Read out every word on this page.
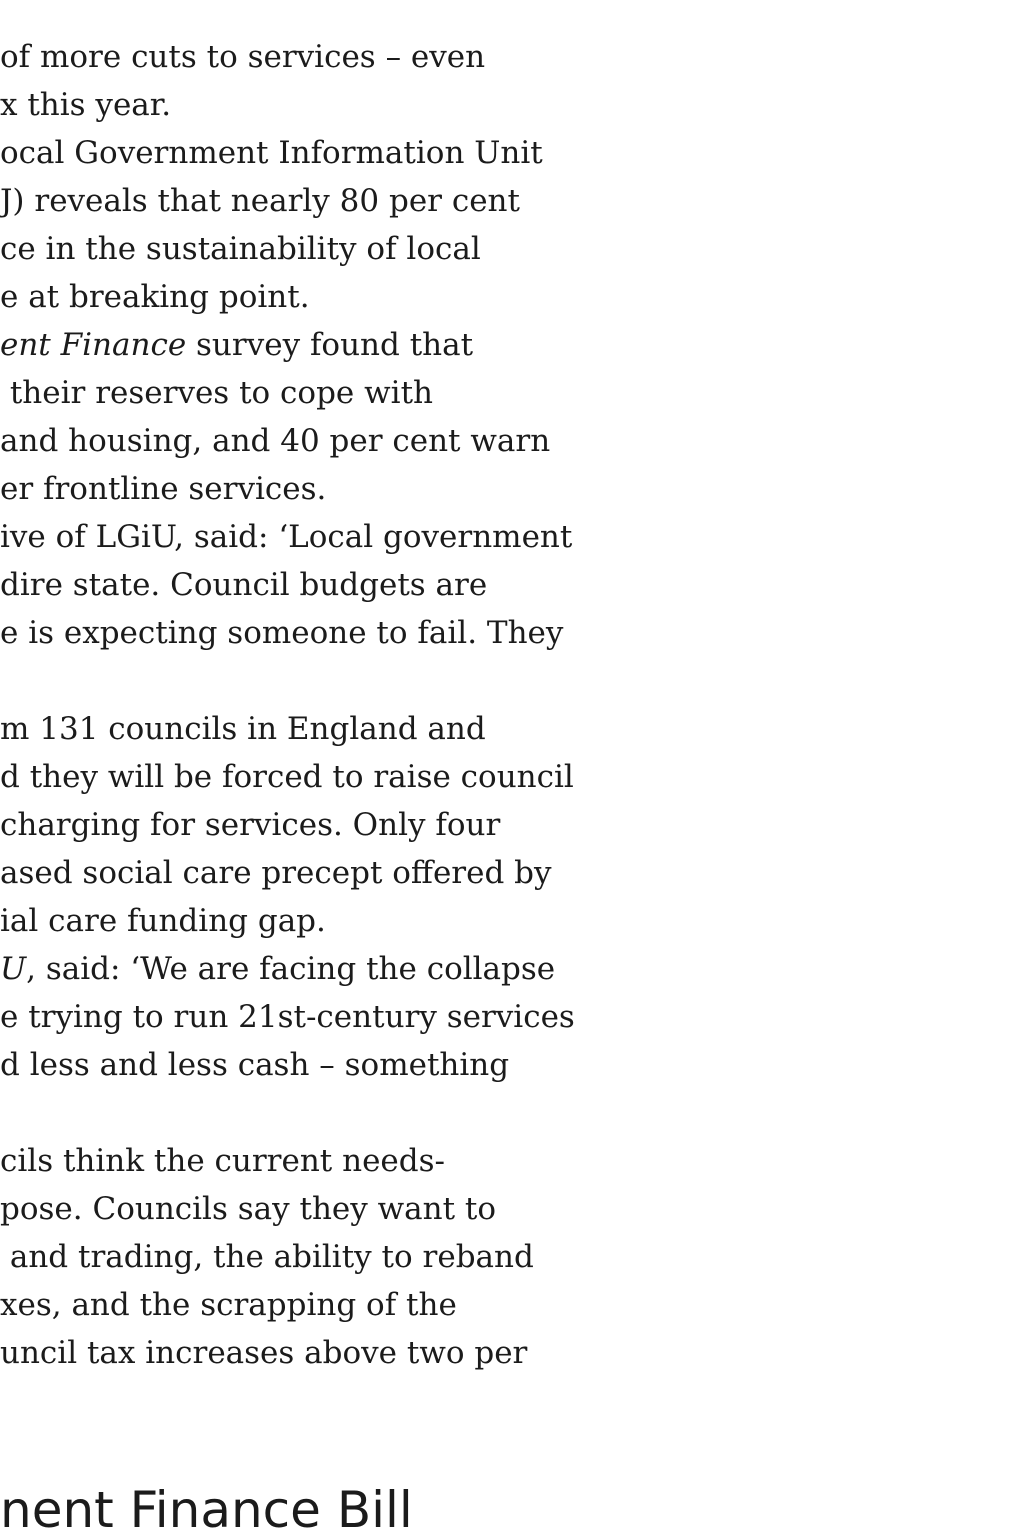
of more cuts to services – even
x this year.
ocal Government Information Unit
J) reveals that nearly 80 per cent
ce in the sustainability of local
e at breaking point.
ent Finance survey found that
their reserves to cope with
and housing, and 40 per cent warn
er frontline services.
ive of LGiU, said: ‘Local government
dire state. Council budgets are
e is expecting someone to fail. They
m 131 councils in England and
d they will be forced to raise council
charging for services. Only four
ased social care precept offered by
ial care funding gap.
U, said: ‘We are facing the collapse
e trying to run 21st-century services
d less and less cash – something
cils think the current needs-
pose. Councils say they want to
and trading, the ability to reband
xes, and the scrapping of the
uncil tax increases above two per
nent Finance Bill
